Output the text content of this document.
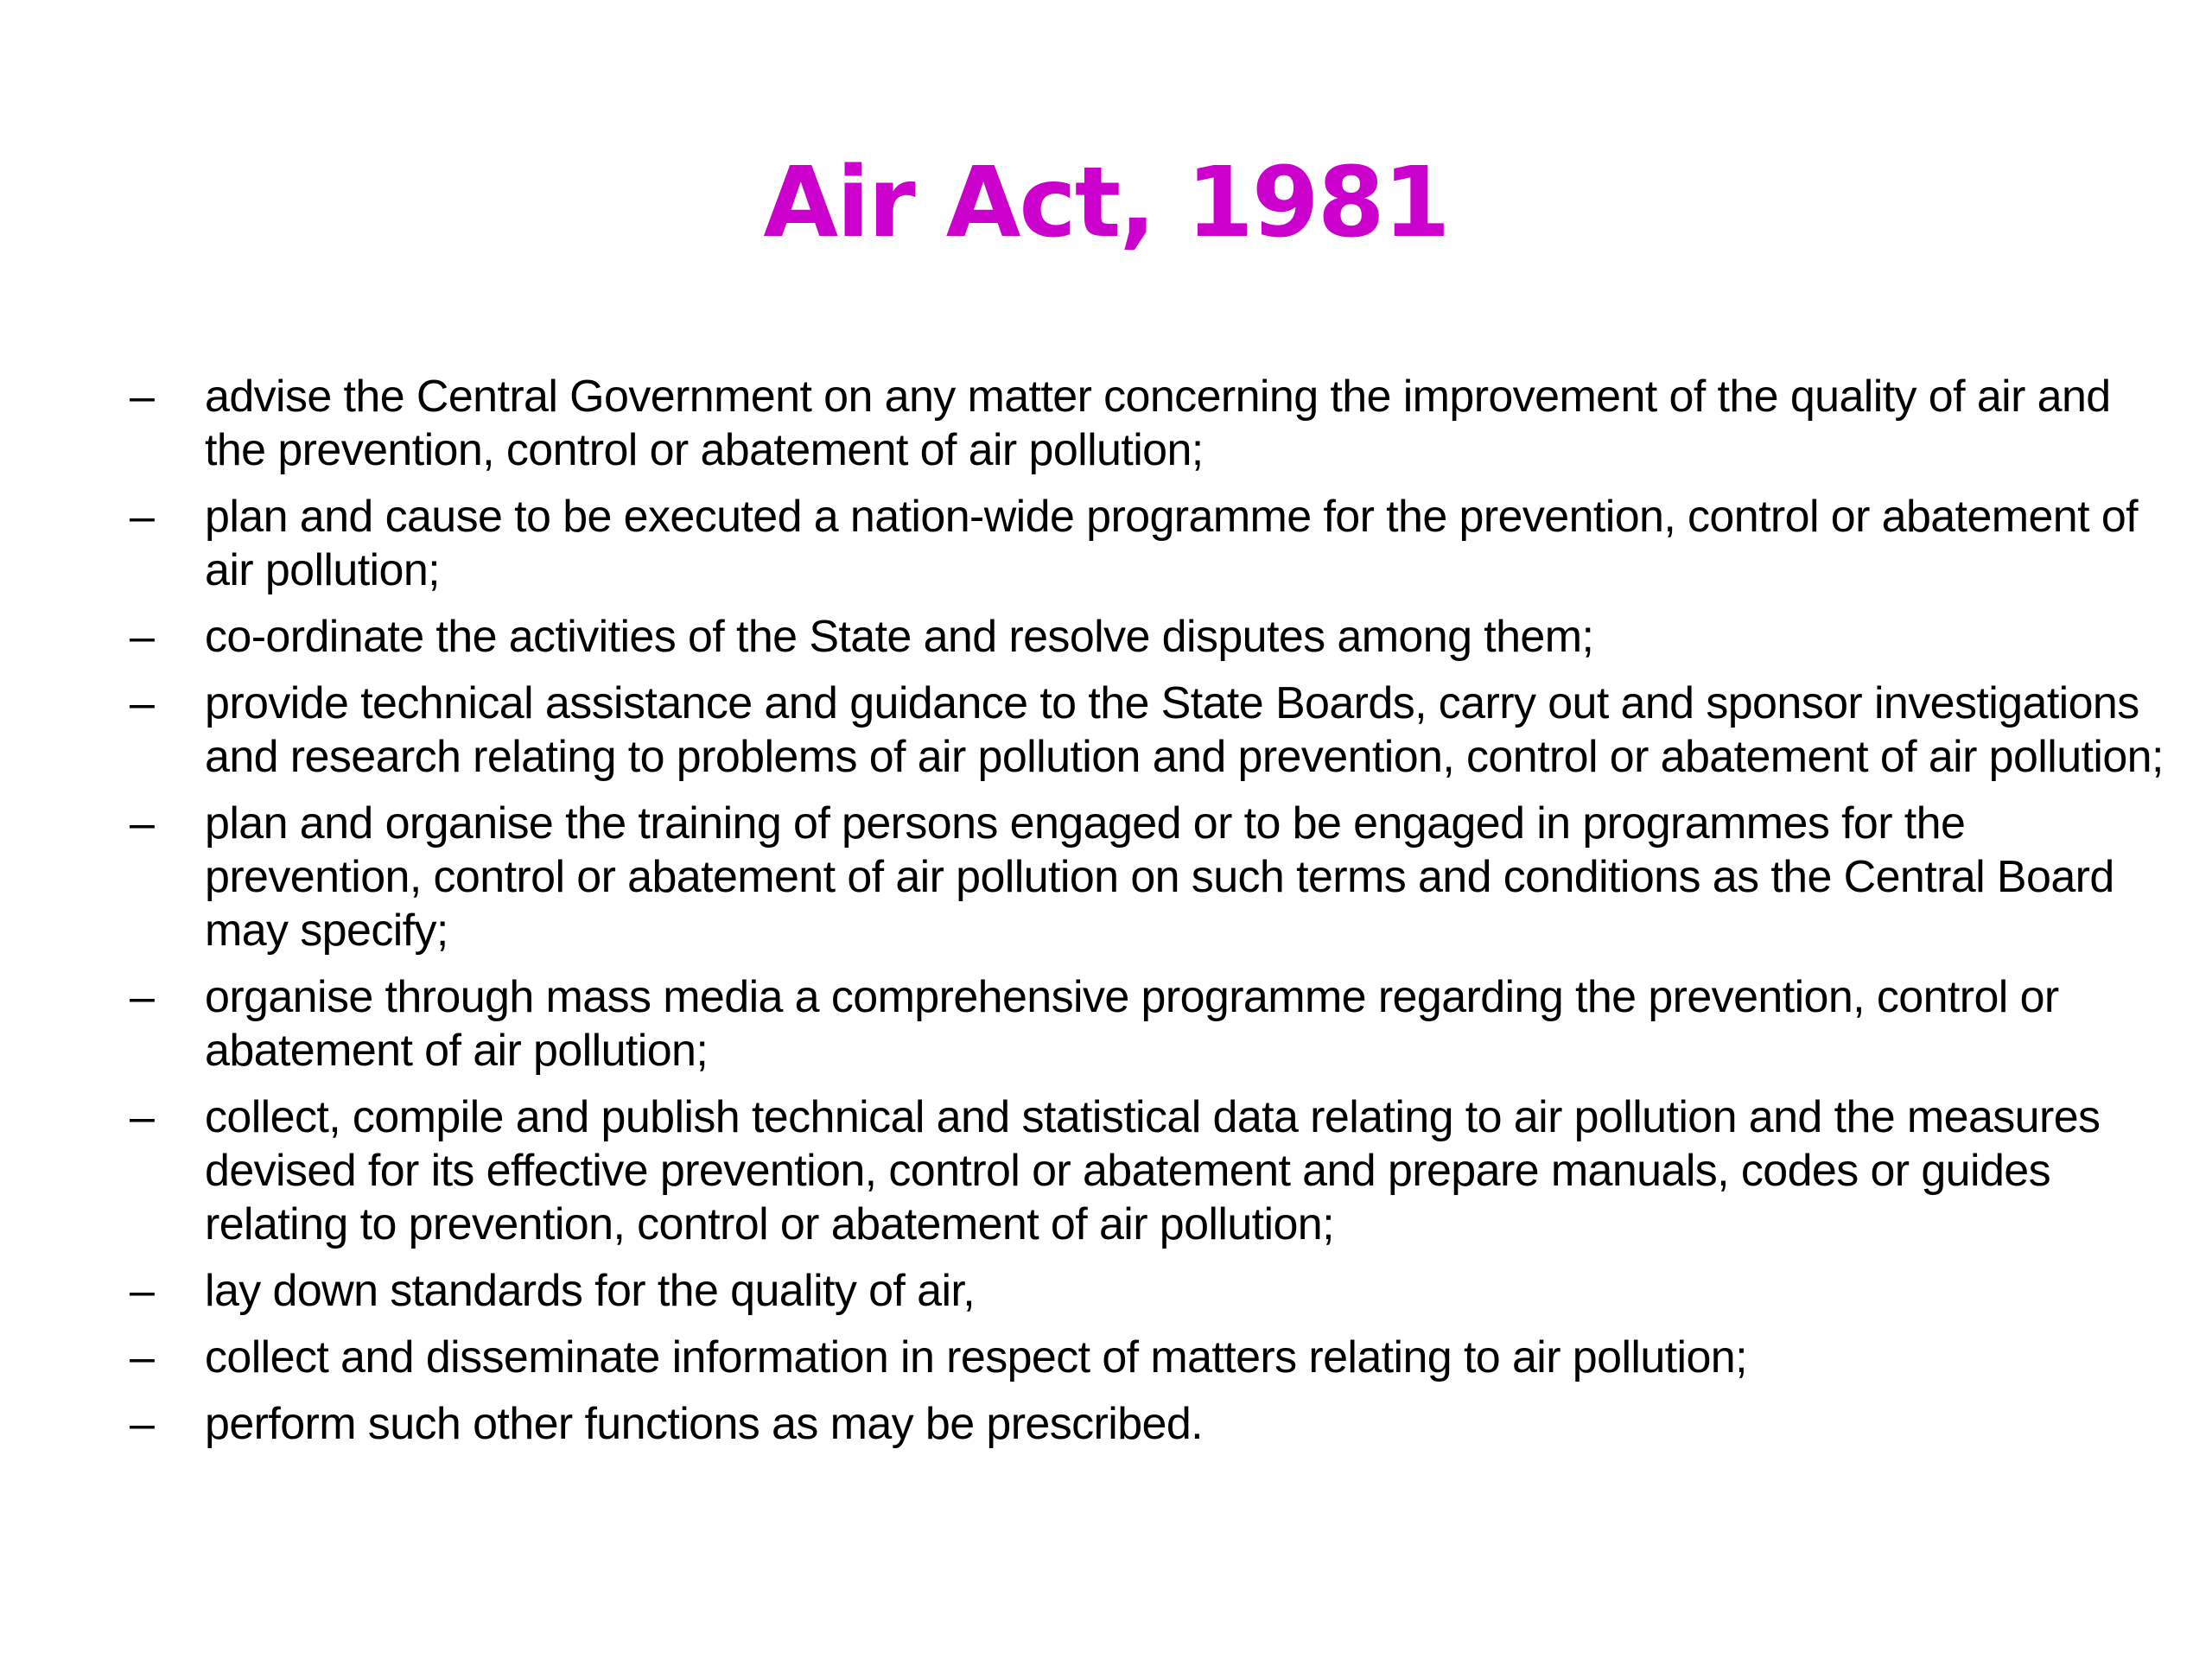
Air Act, 1981
–	advise the Central Government on any matter concerning the improvement of the quality of air and the prevention, control or abatement of air pollution;
–	plan and cause to be executed a nation-wide programme for the prevention, control or abatement of air pollution;
–	co-ordinate the activities of the State and resolve disputes among them;
–	provide technical assistance and guidance to the State Boards, carry out and sponsor investigations and research relating to problems of air pollution and prevention, control or abatement of air pollution;
–	plan and organise the training of persons engaged or to be engaged in programmes for the prevention, control or abatement of air pollution on such terms and conditions as the Central Board may specify;
–	organise through mass media a comprehensive programme regarding the prevention, control or abatement of air pollution;
–	collect, compile and publish technical and statistical data relating to air pollution and the measures devised for its effective prevention, control or abatement and prepare manuals, codes or guides relating to prevention, control or abatement of air pollution;
–	lay down standards for the quality of air,
–	collect and disseminate information in respect of matters relating to air pollution;
–	perform such other functions as may be prescribed.
